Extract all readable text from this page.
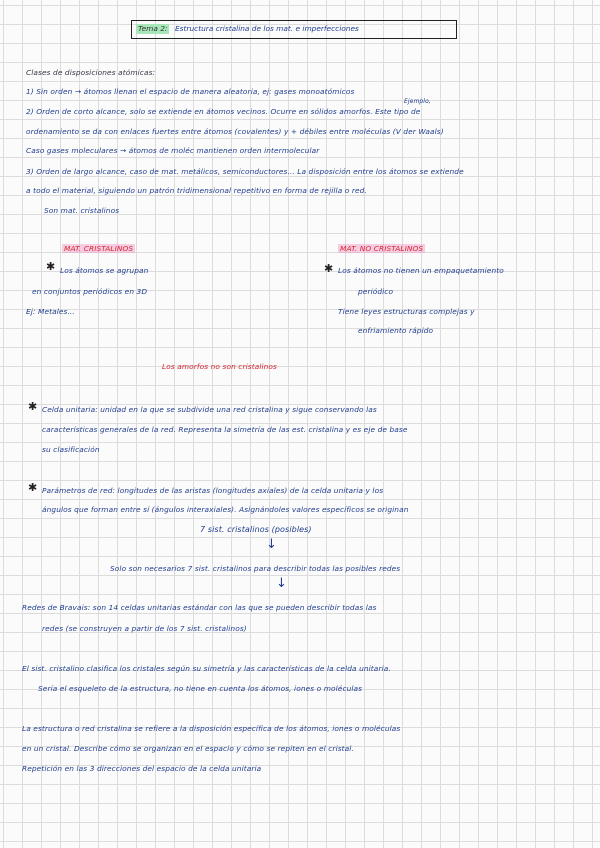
Tema 2: Estructura cristalina de los mat. e imperfecciones
Clases de disposiciones atómicas:
1) Sin orden → átomos llenan el espacio de manera aleatoria, ej: gases monoatómicos
Ejemplo,
2) Orden de corto alcance, solo se extiende en átomos vecinos. Ocurre en sólidos amorfos. Este tipo de
ordenamiento se da con enlaces fuertes entre átomos (covalentes) y + débiles entre moléculas (V der Waals)
Caso gases moleculares → átomos de moléc mantienen orden intermolecular
3) Orden de largo alcance, caso de mat. metálicos, semiconductores... La disposición entre los átomos se extiende
a todo el material, siguiendo un patrón tridimensional repetitivo en forma de rejilla o red.
Son mat. cristalinos
MAT. CRISTALINOS
✱ Los átomos se agrupan
en conjuntos periódicos en 3D
Ej: Metales...
MAT. NO CRISTALINOS
✱ Los átomos no tienen un empaquetamiento
periódico
Tiene leyes estructuras complejas y
enfriamiento rápido
Los amorfos no son cristalinos
✱ Celda unitaria: unidad en la que se subdivide una red cristalina y sigue conservando las
características generales de la red. Representa la simetría de las est. cristalina y es eje de base
su clasificación
✱ Parámetros de red: longitudes de las aristas (longitudes axiales) de la celda unitaria y los
ángulos que forman entre sí (ángulos interaxiales). Asignándoles valores específicos se originan
7 sist. cristalinos (posibles)
↓
Solo son necesarios 7 sist. cristalinos para describir todas las posibles redes
↓
Redes de Bravais: son 14 celdas unitarias estándar con las que se pueden describir todas las
redes (se construyen a partir de los 7 sist. cristalinos)
El sist. cristalino clasifica los cristales según su simetría y las características de la celda unitaria.
Sería el esqueleto de la estructura, no tiene en cuenta los átomos, iones o moléculas
La estructura o red cristalina se refiere a la disposición específica de los átomos, iones o moléculas
en un cristal. Describe cómo se organizan en el espacio y cómo se repiten en el cristal.
Repetición en las 3 direcciones del espacio de la celda unitaria
